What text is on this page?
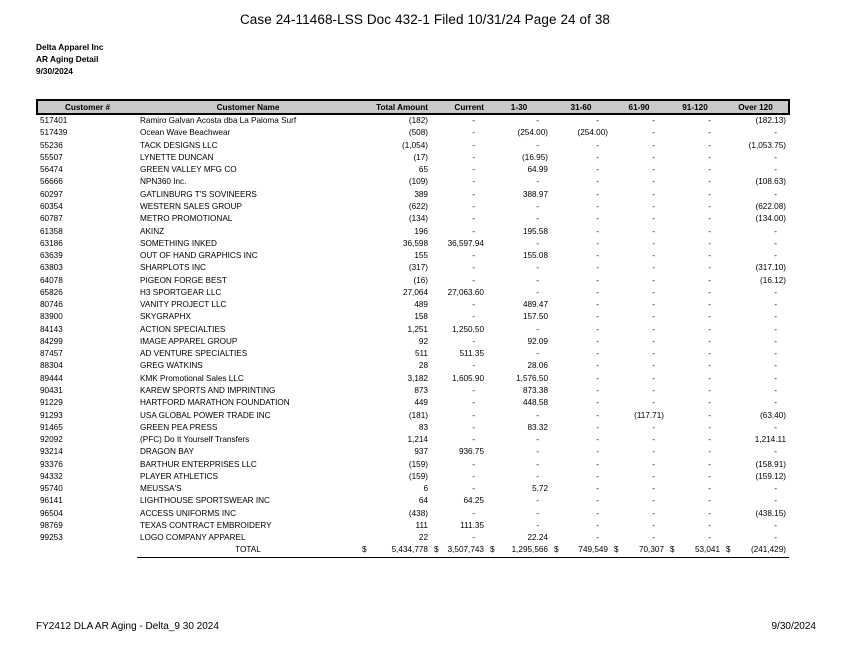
Case 24-11468-LSS Doc 432-1 Filed 10/31/24 Page 24 of 38
Delta Apparel Inc
AR Aging Detail
9/30/2024
Customer #	Customer Name	Total Amount	Current	1-30	31-60	61-90	91-120	Over 120
517401	Ramiro Galvan Acosta dba La Paloma Surf	(182)	-	-	-	-	-	(182.13)
517439	Ocean Wave Beachwear	(508)	-	(254.00)	(254.00)	-	-	-
55236	TACK DESIGNS LLC	(1,054)	-	-	-	-	-	(1,053.75)
55507	LYNETTE DUNCAN	(17)	-	(16.95)	-	-	-	-
56474	GREEN VALLEY MFG CO	65	-	64.99	-	-	-	-
56666	NPN360 Inc.	(109)	-	-	-	-	-	(108.63)
60297	GATLINBURG T'S SOVINEERS	389	-	388.97	-	-	-	-
60354	WESTERN SALES GROUP	(622)	-	-	-	-	-	(622.08)
60787	METRO PROMOTIONAL	(134)	-	-	-	-	-	(134.00)
61358	AKINZ	196	-	195.58	-	-	-	-
63186	SOMETHING INKED	36,598	36,597.94	-	-	-	-	-
63639	OUT OF HAND GRAPHICS INC	155	-	155.08	-	-	-	-
63803	SHARPLOTS INC	(317)	-	-	-	-	-	(317.10)
64078	PIGEON FORGE BEST	(16)	-	-	-	-	-	(16.12)
65826	H3 SPORTGEAR LLC	27,064	27,063.60	-	-	-	-	-
80746	VANITY PROJECT LLC	489	-	489.47	-	-	-	-
83900	SKYGRAPHX	158	-	157.50	-	-	-	-
84143	ACTION SPECIALTIES	1,251	1,250.50	-	-	-	-	-
84299	IMAGE APPAREL GROUP	92	-	92.09	-	-	-	-
87457	AD VENTURE SPECIALTIES	511	511.35	-	-	-	-	-
88304	GREG WATKINS	28	-	28.06	-	-	-	-
89444	KMK Promotional Sales LLC	3,182	1,605.90	1,576.50	-	-	-	-
90431	KAREW SPORTS AND IMPRINTING	873	-	873.38	-	-	-	-
91229	HARTFORD MARATHON FOUNDATION	449	-	448.58	-	-	-	-
91293	USA GLOBAL POWER TRADE INC	(181)	-	-	-	(117.71)	-	(63.40)
91465	GREEN PEA PRESS	83	-	83.32	-	-	-	-
92092	(PFC) Do It Yourself Transfers	1,214	-	-	-	-	-	1,214.11
93214	DRAGON BAY	937	936.75	-	-	-	-	-
93376	BARTHUR ENTERPRISES LLC	(159)	-	-	-	-	-	(158.91)
94332	PLAYER ATHLETICS	(159)	-	-	-	-	-	(159.12)
95740	MEUSSA'S	6	-	5.72	-	-	-	-
96141	LIGHTHOUSE SPORTSWEAR INC	64	64.25	-	-	-	-	-
96504	ACCESS UNIFORMS INC	(438)	-	-	-	-	-	(438.15)
98769	TEXAS CONTRACT EMBROIDERY	111	111.35	-	-	-	-	-
99253	LOGO COMPANY APPAREL	22	-	22.24	-	-	-	-
	TOTAL	$ 5,434,778	$ 3,507,743	$ 1,295,566	$ 749,549	$ 70,307	$ 53,041	$ (241,429)
FY2412 DLA AR Aging - Delta_9 30 2024	9/30/2024
